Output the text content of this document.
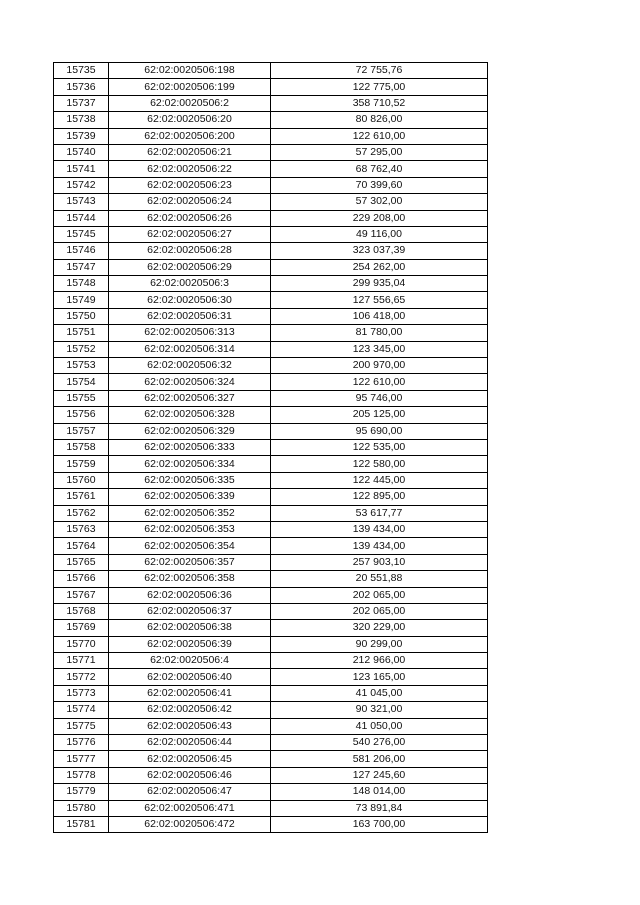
15735	62:02:0020506:198	72 755,76
15736	62:02:0020506:199	122 775,00
15737	62:02:0020506:2	358 710,52
15738	62:02:0020506:20	80 826,00
15739	62:02:0020506:200	122 610,00
15740	62:02:0020506:21	57 295,00
15741	62:02:0020506:22	68 762,40
15742	62:02:0020506:23	70 399,60
15743	62:02:0020506:24	57 302,00
15744	62:02:0020506:26	229 208,00
15745	62:02:0020506:27	49 116,00
15746	62:02:0020506:28	323 037,39
15747	62:02:0020506:29	254 262,00
15748	62:02:0020506:3	299 935,04
15749	62:02:0020506:30	127 556,65
15750	62:02:0020506:31	106 418,00
15751	62:02:0020506:313	81 780,00
15752	62:02:0020506:314	123 345,00
15753	62:02:0020506:32	200 970,00
15754	62:02:0020506:324	122 610,00
15755	62:02:0020506:327	95 746,00
15756	62:02:0020506:328	205 125,00
15757	62:02:0020506:329	95 690,00
15758	62:02:0020506:333	122 535,00
15759	62:02:0020506:334	122 580,00
15760	62:02:0020506:335	122 445,00
15761	62:02:0020506:339	122 895,00
15762	62:02:0020506:352	53 617,77
15763	62:02:0020506:353	139 434,00
15764	62:02:0020506:354	139 434,00
15765	62:02:0020506:357	257 903,10
15766	62:02:0020506:358	20 551,88
15767	62:02:0020506:36	202 065,00
15768	62:02:0020506:37	202 065,00
15769	62:02:0020506:38	320 229,00
15770	62:02:0020506:39	90 299,00
15771	62:02:0020506:4	212 966,00
15772	62:02:0020506:40	123 165,00
15773	62:02:0020506:41	41 045,00
15774	62:02:0020506:42	90 321,00
15775	62:02:0020506:43	41 050,00
15776	62:02:0020506:44	540 276,00
15777	62:02:0020506:45	581 206,00
15778	62:02:0020506:46	127 245,60
15779	62:02:0020506:47	148 014,00
15780	62:02:0020506:471	73 891,84
15781	62:02:0020506:472	163 700,00
